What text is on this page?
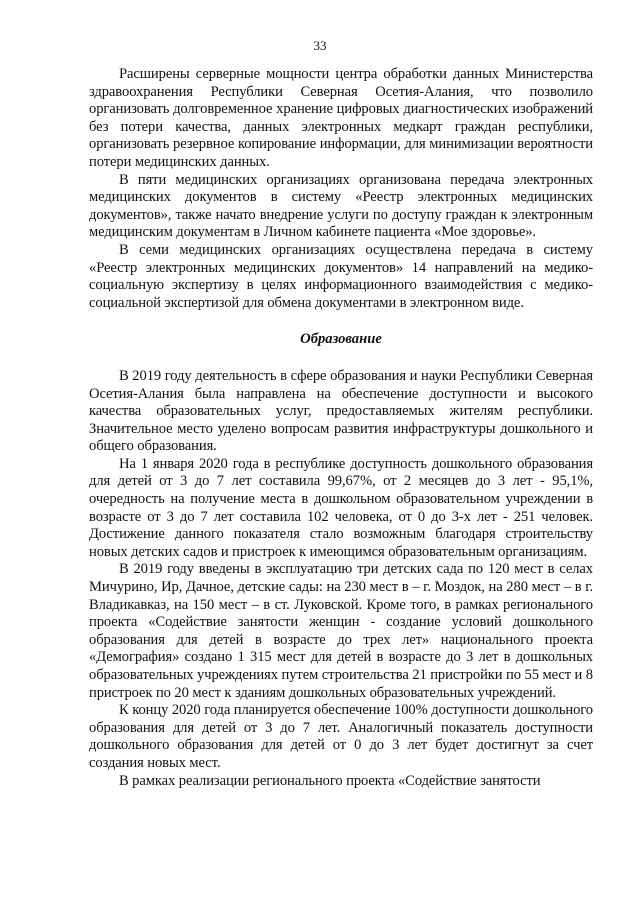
33

Расширены серверные мощности центра обработки данных Министерства здравоохранения Республики Северная Осетия-Алания, что позволило организовать долговременное хранение цифровых диагностических изображений без потери качества, данных электронных медкарт граждан республики, организовать резервное копирование информации, для минимизации вероятности потери медицинских данных.

В пяти медицинских организациях организована передача электронных медицинских документов в систему «Реестр электронных медицинских документов», также начато внедрение услуги по доступу граждан к электронным медицинским документам в Личном кабинете пациента «Мое здоровье».

В семи медицинских организациях осуществлена передача в систему «Реестр электронных медицинских документов» 14 направлений на медико-социальную экспертизу в целях информационного взаимодействия с медико-социальной экспертизой для обмена документами в электронном виде.

Образование

В 2019 году деятельность в сфере образования и науки Республики Северная Осетия-Алания была направлена на обеспечение доступности и высокого качества образовательных услуг, предоставляемых жителям республики. Значительное место уделено вопросам развития инфраструктуры дошкольного и общего образования.

На 1 января 2020 года в республике доступность дошкольного образования для детей от 3 до 7 лет составила 99,67%, от 2 месяцев до 3 лет - 95,1%, очередность на получение места в дошкольном образовательном учреждении в возрасте от 3 до 7 лет составила 102 человека, от 0 до 3-х лет - 251 человек. Достижение данного показателя стало возможным благодаря строительству новых детских садов и пристроек к имеющимся образовательным организациям.

В 2019 году введены в эксплуатацию три детских сада по 120 мест в селах Мичурино, Ир, Дачное, детские сады: на 230 мест в – г. Моздок, на 280 мест – в г. Владикавказ, на 150 мест – в ст. Луковской. Кроме того, в рамках регионального проекта «Содействие занятости женщин - создание условий дошкольного образования для детей в возрасте до трех лет» национального проекта «Демография» создано 1 315 мест для детей в возрасте до 3 лет в дошкольных образовательных учреждениях путем строительства 21 пристройки по 55 мест и 8 пристроек по 20 мест к зданиям дошкольных образовательных учреждений.

К концу 2020 года планируется обеспечение 100% доступности дошкольного образования для детей от 3 до 7 лет. Аналогичный показатель доступности дошкольного образования для детей от 0 до 3 лет будет достигнут за счет создания новых мест.

В рамках реализации регионального проекта «Содействие занятости
